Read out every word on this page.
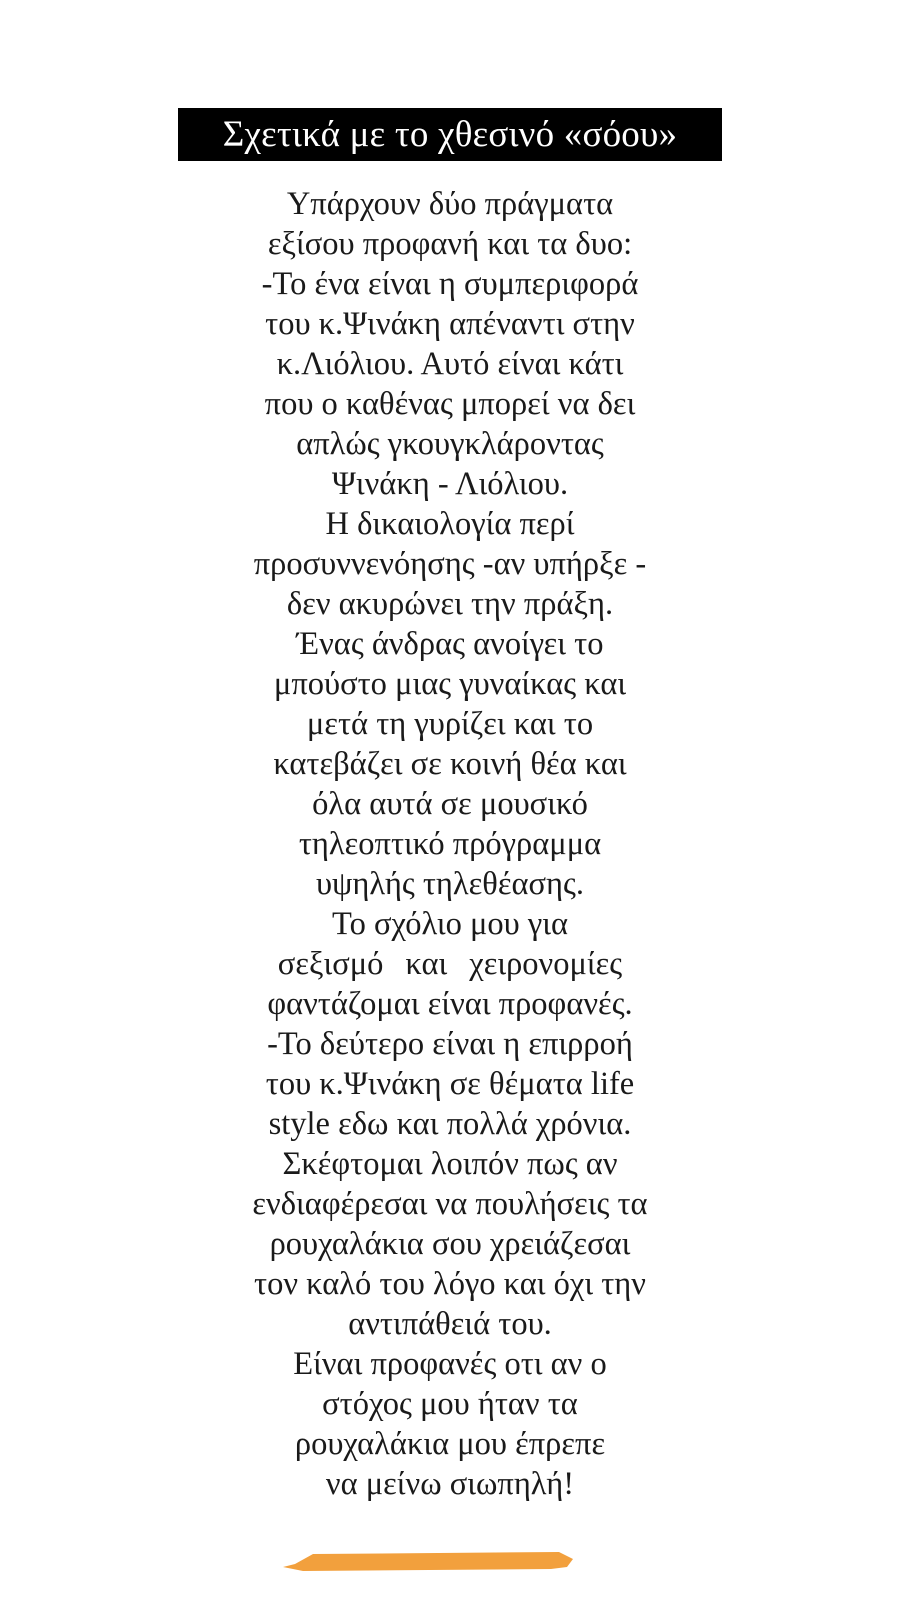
Σχετικά με το χθεσινό «σόου»
Υπάρχουν δύο πράγματα
εξίσου προφανή και τα δυο:
-Το ένα είναι η συμπεριφορά
του κ.Ψινάκη απέναντι στην
κ.Λιόλιου. Αυτό είναι κάτι
που ο καθένας μπορεί να δει
απλώς γκουγκλάροντας
Ψινάκη - Λιόλιου.
Η δικαιολογία περί
προσυννενόησης -αν υπήρξε -
δεν ακυρώνει την πράξη.
Ένας άνδρας ανοίγει το
μπούστο μιας γυναίκας και
μετά τη γυρίζει και το
κατεβάζει σε κοινή θέα και
όλα αυτά σε μουσικό
τηλεοπτικό πρόγραμμα
υψηλής τηλεθέασης.
Το σχόλιο μου για
σεξισμό και χειρονομίες
φαντάζομαι είναι προφανές.
-Το δεύτερο είναι η επιρροή
του κ.Ψινάκη σε θέματα life
style εδω και πολλά χρόνια.
Σκέφτομαι λοιπόν πως αν
ενδιαφέρεσαι να πουλήσεις τα
ρουχαλάκια σου χρειάζεσαι
τον καλό του λόγο και όχι την
αντιπάθειά του.
Είναι προφανές οτι αν ο
στόχος μου ήταν τα
ρουχαλάκια μου έπρεπε
να μείνω σιωπηλή!
